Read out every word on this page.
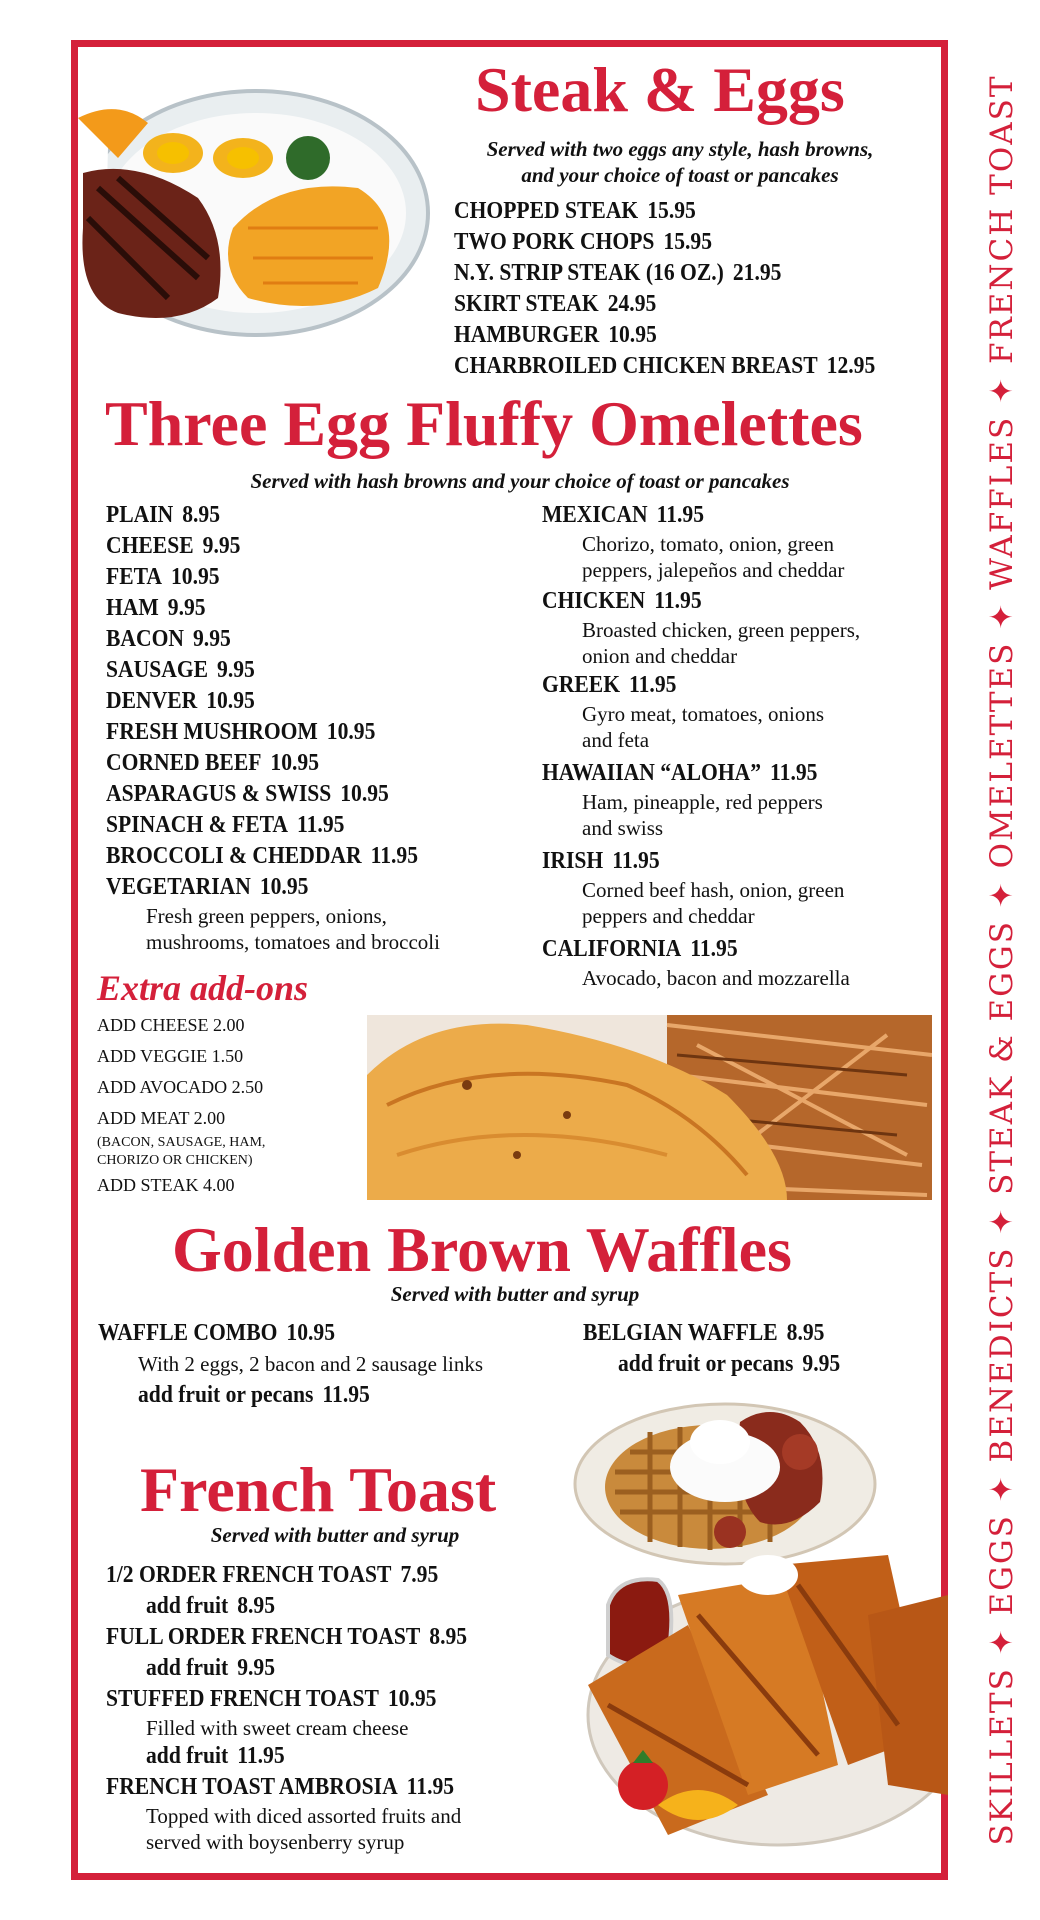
SKILLETS ✦ EGGS ✦ BENEDICTS ✦ STEAK & EGGS ✦ OMELETTES ✦ WAFFLES ✦ FRENCH TOAST
Steak & Eggs
Served with two eggs any style, hash browns,
and your choice of toast or pancakes
CHOPPED STEAK 15.95
TWO PORK CHOPS 15.95
N.Y. STRIP STEAK (16 OZ.) 21.95
SKIRT STEAK 24.95
HAMBURGER 10.95
CHARBROILED CHICKEN BREAST 12.95
Three Egg Fluffy Omelettes
Served with hash browns and your choice of toast or pancakes
PLAIN 8.95
CHEESE 9.95
FETA 10.95
HAM 9.95
BACON 9.95
SAUSAGE 9.95
DENVER 10.95
FRESH MUSHROOM 10.95
CORNED BEEF 10.95
ASPARAGUS & SWISS 10.95
SPINACH & FETA 11.95
BROCCOLI & CHEDDAR 11.95
VEGETARIAN 10.95
Fresh green peppers, onions,
mushrooms, tomatoes and broccoli
MEXICAN 11.95
Chorizo, tomato, onion, green
peppers, jalepeños and cheddar
CHICKEN 11.95
Broasted chicken, green peppers,
onion and cheddar
GREEK 11.95
Gyro meat, tomatoes, onions
and feta
HAWAIIAN “ALOHA” 11.95
Ham, pineapple, red peppers
and swiss
IRISH 11.95
Corned beef hash, onion, green
peppers and cheddar
CALIFORNIA 11.95
Avocado, bacon and mozzarella
Extra add-ons
ADD CHEESE 2.00
ADD VEGGIE 1.50
ADD AVOCADO 2.50
ADD MEAT 2.00
(BACON, SAUSAGE, HAM,
CHORIZO OR CHICKEN)
ADD STEAK 4.00
Golden Brown Waffles
Served with butter and syrup
WAFFLE COMBO 10.95
With 2 eggs, 2 bacon and 2 sausage links
add fruit or pecans 11.95
BELGIAN WAFFLE 8.95
add fruit or pecans 9.95
French Toast
Served with butter and syrup
1/2 ORDER FRENCH TOAST 7.95
add fruit 8.95
FULL ORDER FRENCH TOAST 8.95
add fruit 9.95
STUFFED FRENCH TOAST 10.95
Filled with sweet cream cheese
add fruit 11.95
FRENCH TOAST AMBROSIA 11.95
Topped with diced assorted fruits and
served with boysenberry syrup
